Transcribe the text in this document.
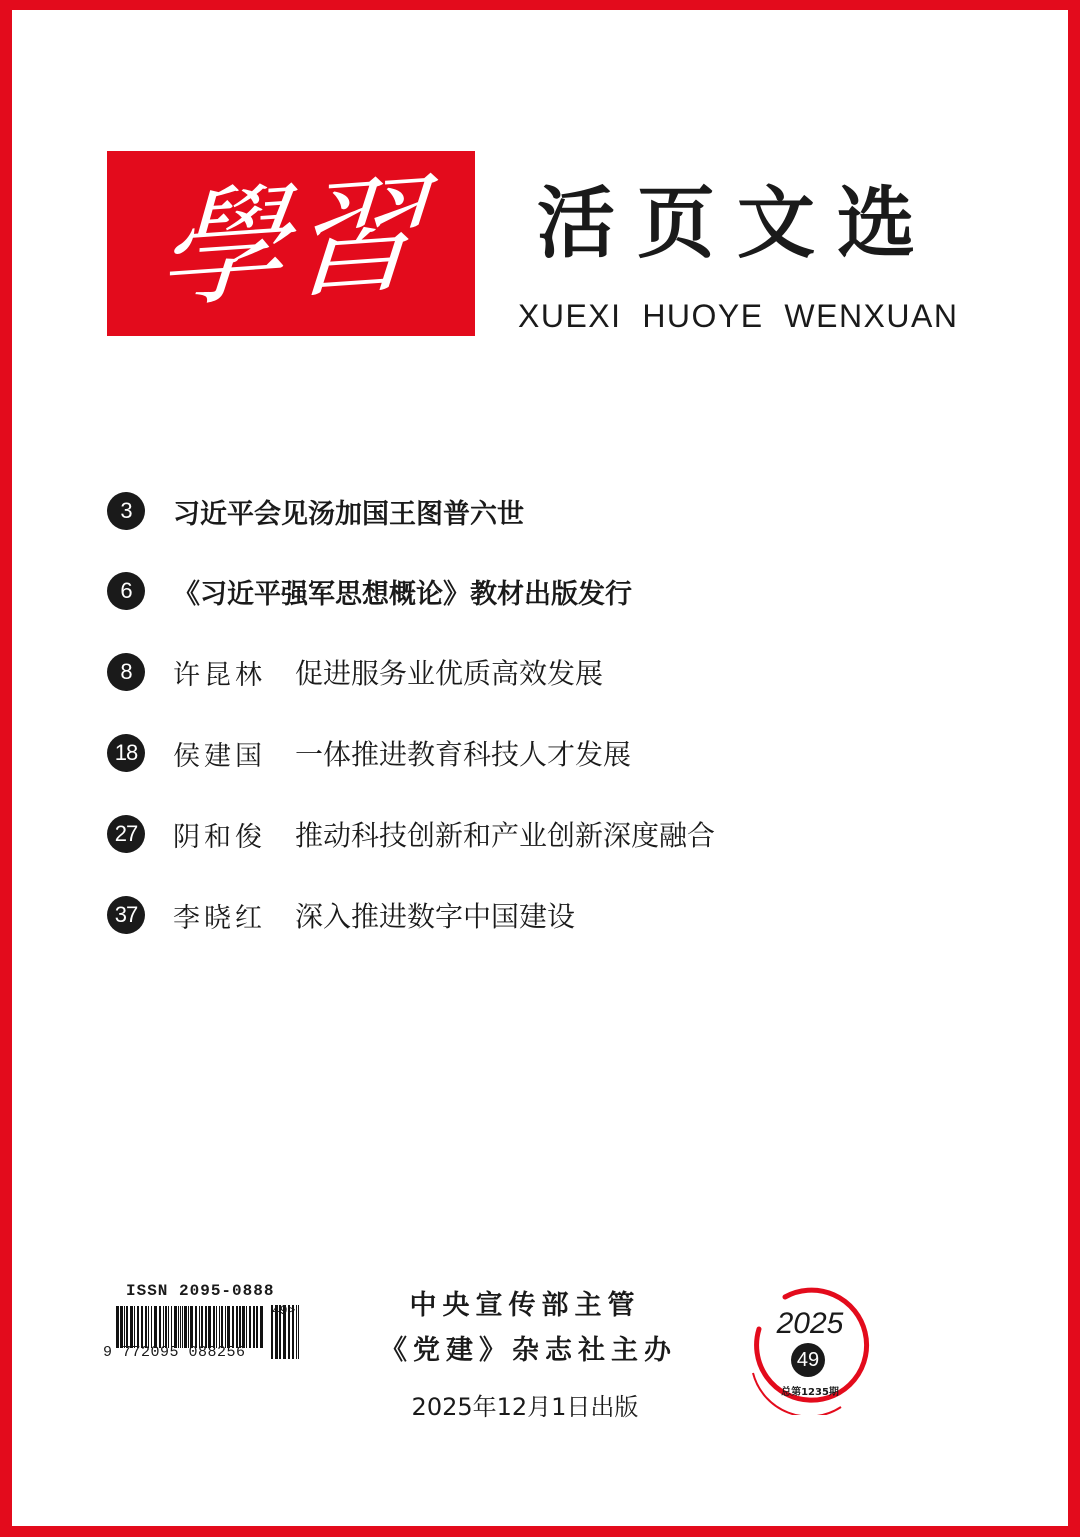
學習 活页文选
XUEXI  HUOYE  WENXUAN
3	习近平会见汤加国王图普六世
6	《习近平强军思想概论》教材出版发行
8	许昆林	促进服务业优质高效发展
18 侯建国	一体推进教育科技人才发展
27 阴和俊	推动科技创新和产业创新深度融合
37 李晓红	深入推进数字中国建设
ISSN 2095-0888
9 772095 088256
49>	中央宣传部主管
《党建》杂志社主办
2025年12月1日出版
2025
49
总第1235期
